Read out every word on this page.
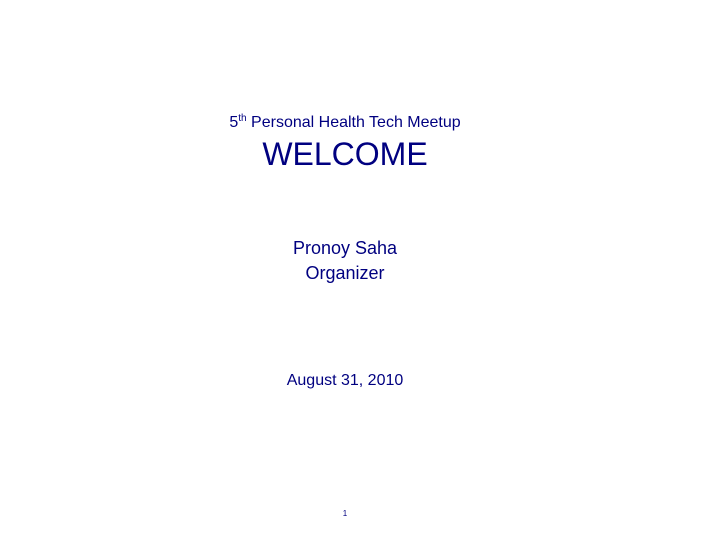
5th Personal Health Tech Meetup
WELCOME
Pronoy Saha
Organizer
August 31, 2010
1
